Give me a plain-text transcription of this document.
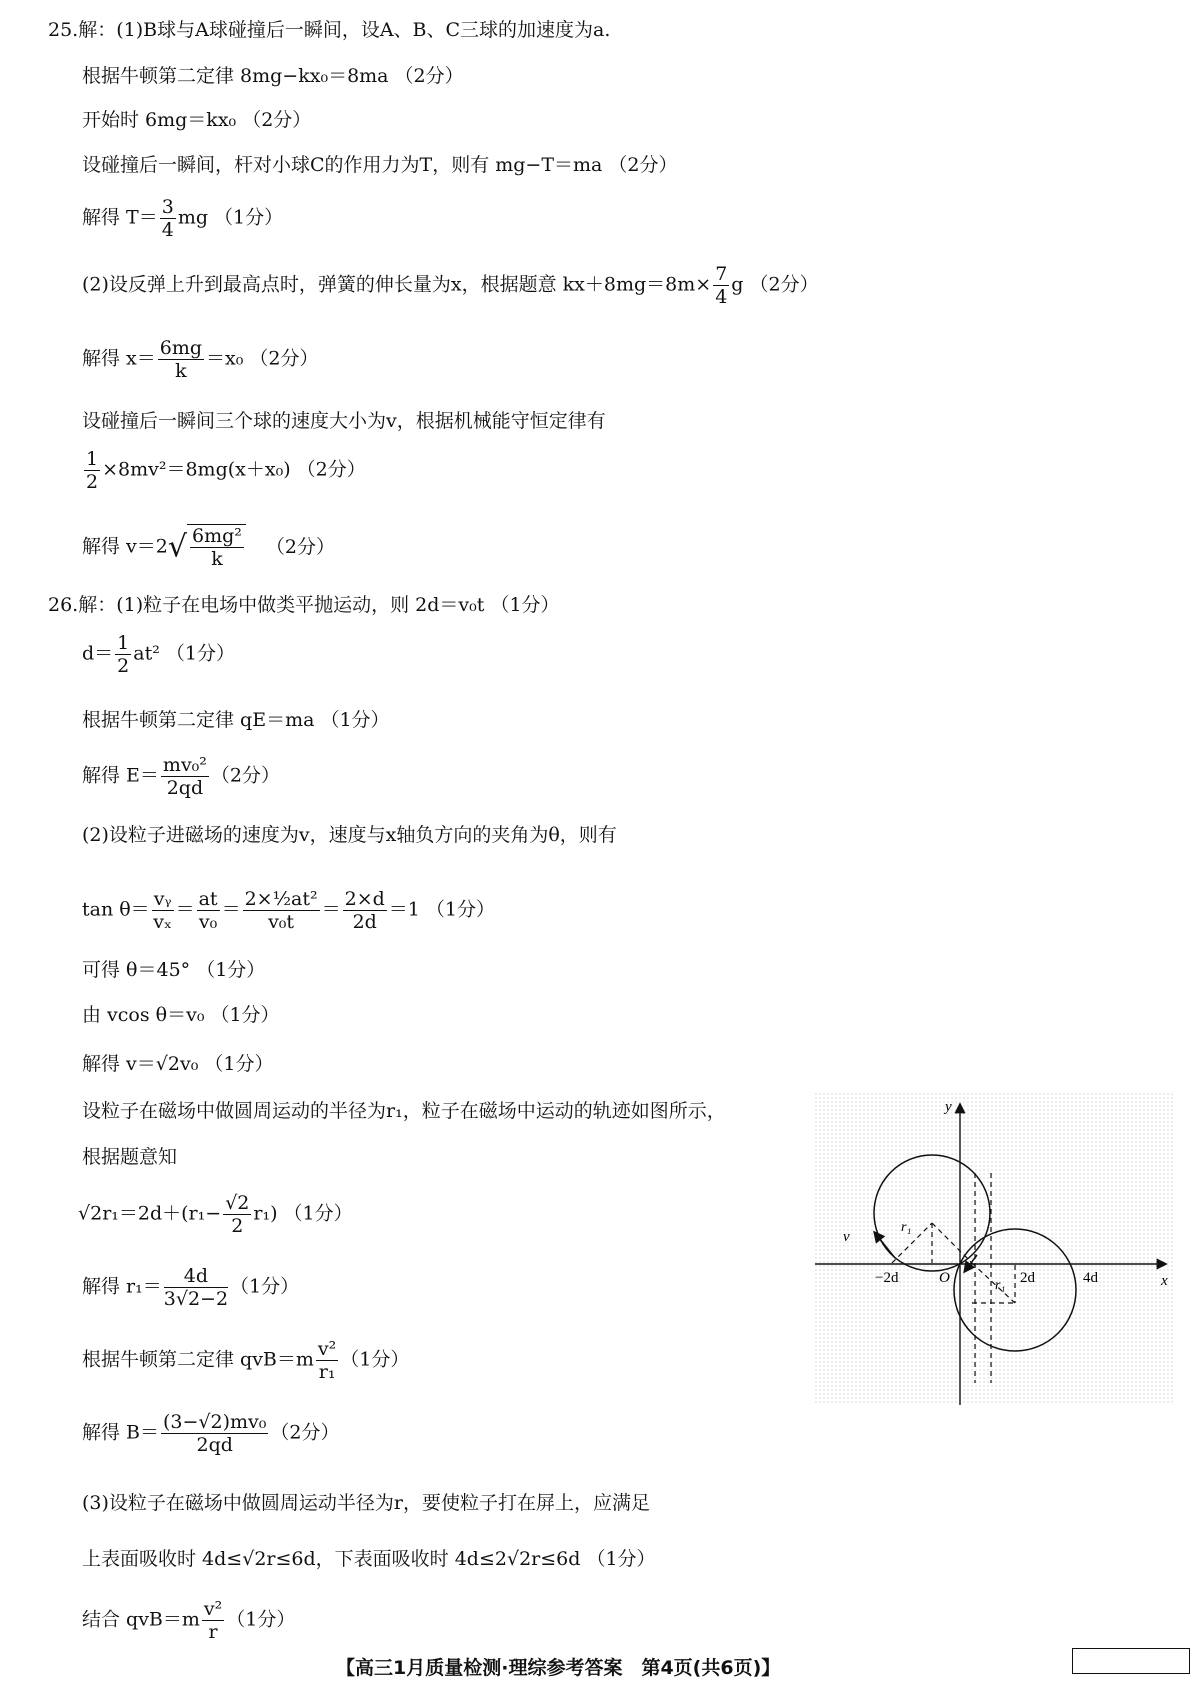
25.解：(1)B球与A球碰撞后一瞬间，设A、B、C三球的加速度为a.
根据牛顿第二定律 8mg−kx₀＝8ma （2分）
开始时 6mg＝kx₀ （2分）
设碰撞后一瞬间，杆对小球C的作用力为T，则有 mg−T＝ma （2分）
解得 $T= \frac{3}{4}$ mg （1分）
(2)设反弹上升到最高点时，弹簧的伸长量为x，根据题意 $kx+8mg=8m\times \frac{7}{4}$ g （2分）
解得 $x= \frac{6mg}{k} =x_0$ （2分）
设碰撞后一瞬间三个球的速度大小为v，根据机械能守恒定律有
$\frac{1}{2} \times 8mv^2=8mg(x+x_0)$ （2分）
解得 $v=2√ \frac{\text{6mg²}}{k} (2$分）
26.解：(1)粒子在电场中做类平抛运动，则 2d＝v₀t （1分）
$d= \frac{1}{2} at^2$ （1分）
根据牛顿第二定律 qE＝ma （1分）
解得 $E= \frac{\text{mv₀²}}{2qd} (2$分）
(2)设粒子进磁场的速度为v，速度与x轴负方向的夹角为θ，则有
$\tan \theta= \frac{\text{vᵧ}}{\text{vₓ}} = \frac{at}{\text{v₀}} = \frac{\text{2×½at²}}{\text{v₀t}} = \frac{2\times d}{2d} =1$ （1分）
可得 θ＝45° （1分）
由 vcos θ＝v₀ （1分）
解得 v＝√2v₀ （1分）
设粒子在磁场中做圆周运动的半径为r₁，粒子在磁场中运动的轨迹如图所示，
根据题意知
$√2r_1=2d+(r_1- \frac{√2}{2} r_1)$ （1分）
解得 $r_1= \frac{4d}{3√2-2} (1$分）
根据牛顿第二定律 $qvB=m \frac{\text{v²}}{\text{r₁}} (1$分）
解得 $B= \frac{\text{(3−√2)mv₀}}{2qd} (2$分）
(3)设粒子在磁场中做圆周运动半径为r，要使粒子打在屏上，应满足
上表面吸收时 4d≤√2r≤6d，下表面吸收时 4d≤2√2r≤6d （1分）
结合 $qvB=m \frac{\text{v²}}{r} (1$分）
y
x
v
r₁
r₁
O
−2d	2d	4d
【高三1月质量检测·理综参考答案　第4页(共6页)】
